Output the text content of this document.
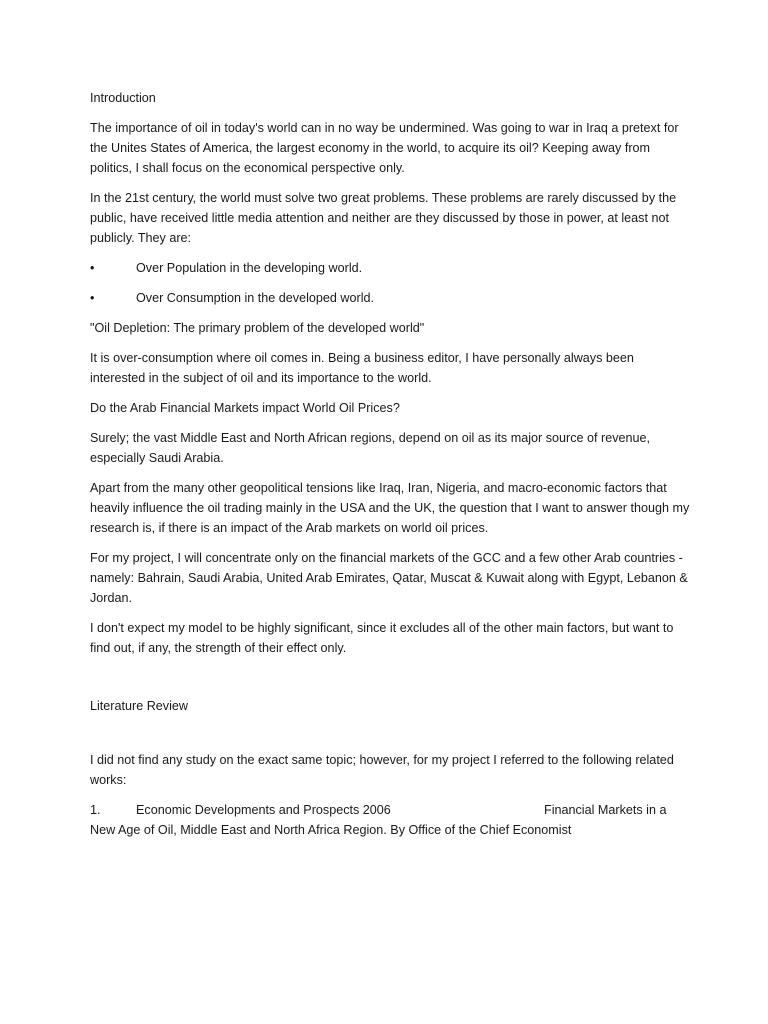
Introduction

The importance of oil in today's world can in no way be undermined. Was going to war in Iraq a pretext for the Unites States of America, the largest economy in the world, to acquire its oil? Keeping away from politics, I shall focus on the economical perspective only.

In the 21st century, the world must solve two great problems. These problems are rarely discussed by the public, have received little media attention and neither are they discussed by those in power, at least not publicly. They are:

•	Over Population in the developing world.
•	Over Consumption in the developed world.

"Oil Depletion: The primary problem of the developed world"

It is over-consumption where oil comes in. Being a business editor, I have personally always been interested in the subject of oil and its importance to the world.

Do the Arab Financial Markets impact World Oil Prices?

Surely; the vast Middle East and North African regions, depend on oil as its major source of revenue, especially Saudi Arabia.

Apart from the many other geopolitical tensions like Iraq, Iran, Nigeria, and macro-economic factors that heavily influence the oil trading mainly in the USA and the UK, the question that I want to answer though my research is, if there is an impact of the Arab markets on world oil prices.

For my project, I will concentrate only on the financial markets of the GCC and a few other Arab countries - namely: Bahrain, Saudi Arabia, United Arab Emirates, Qatar, Muscat & Kuwait along with Egypt, Lebanon & Jordan.

I don't expect my model to be highly significant, since it excludes all of the other main factors, but want to find out, if any, the strength of their effect only.

Literature Review

I did not find any study on the exact same topic; however, for my project I referred to the following related works:

1.	Economic Developments and Prospects 2006	Financial Markets in a
New Age of Oil, Middle East and North Africa Region. By Office of the Chief Economist
